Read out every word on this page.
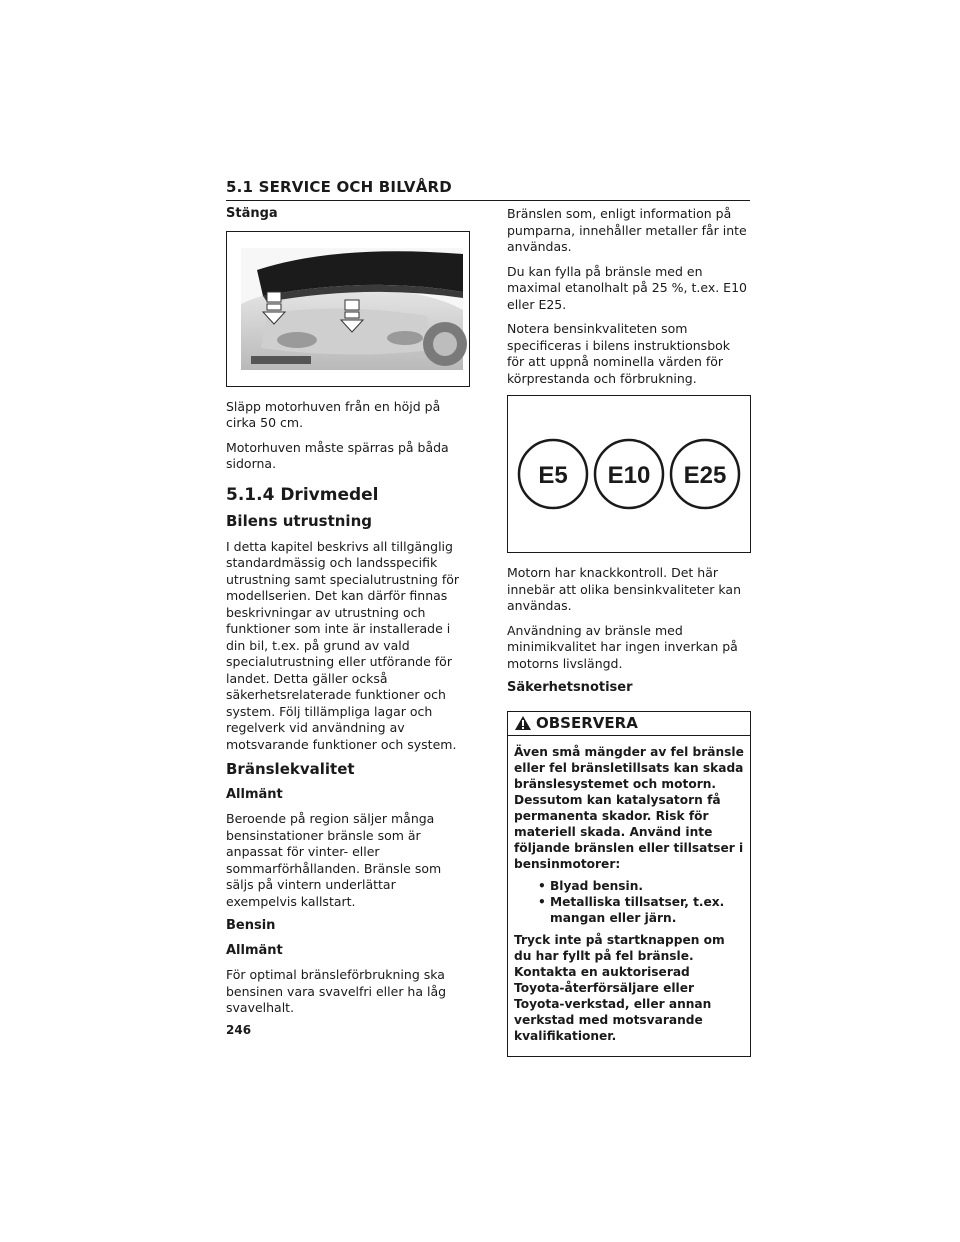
5.1 SERVICE OCH BILVÅRD
Stänga

Släpp motorhuven från en höjd på cirka 50 cm.

Motorhuven måste spärras på båda sidorna.

5.1.4 Drivmedel
Bilens utrustning

I detta kapitel beskrivs all tillgänglig standardmässig och landsspecifik utrustning samt specialutrustning för modellserien. Det kan därför finnas beskrivningar av utrustning och funktioner som inte är installerade i din bil, t.ex. på grund av vald specialutrustning eller utförande för landet. Detta gäller också säkerhetsrelaterade funktioner och system. Följ tillämpliga lagar och regelverk vid användning av motsvarande funktioner och system.

Bränslekvalitet
Allmänt

Beroende på region säljer många bensinstationer bränsle som är anpassat för vinter- eller sommarförhållanden. Bränsle som säljs på vintern underlättar exempelvis kallstart.

Bensin
Allmänt

För optimal bränsleförbrukning ska bensinen vara svavelfri eller ha låg svavelhalt.

Bränslen som, enligt information på pumparna, innehåller metaller får inte användas.

Du kan fylla på bränsle med en maximal etanolhalt på 25 %, t.ex. E10 eller E25.

Notera bensinkvaliteten som specificeras i bilens instruktionsbok för att uppnå nominella värden för körprestanda och förbrukning.

E5 E10 E25

Motorn har knackkontroll. Det här innebär att olika bensinkvaliteter kan användas.

Användning av bränsle med minimikvalitet har ingen inverkan på motorns livslängd.

Säkerhetsnotiser
OBSERVERA

Även små mängder av fel bränsle eller fel bränsletillsats kan skada bränslesystemet och motorn. Dessutom kan katalysatorn få permanenta skador. Risk för materiell skada. Använd inte följande bränslen eller tillsatser i bensinmotorer:

• Blyad bensin.
• Metalliska tillsatser, t.ex. mangan eller järn.

Tryck inte på startknappen om du har fyllt på fel bränsle. Kontakta en auktoriserad Toyota-återförsäljare eller Toyota-verkstad, eller annan verkstad med motsvarande kvalifikationer.

246
